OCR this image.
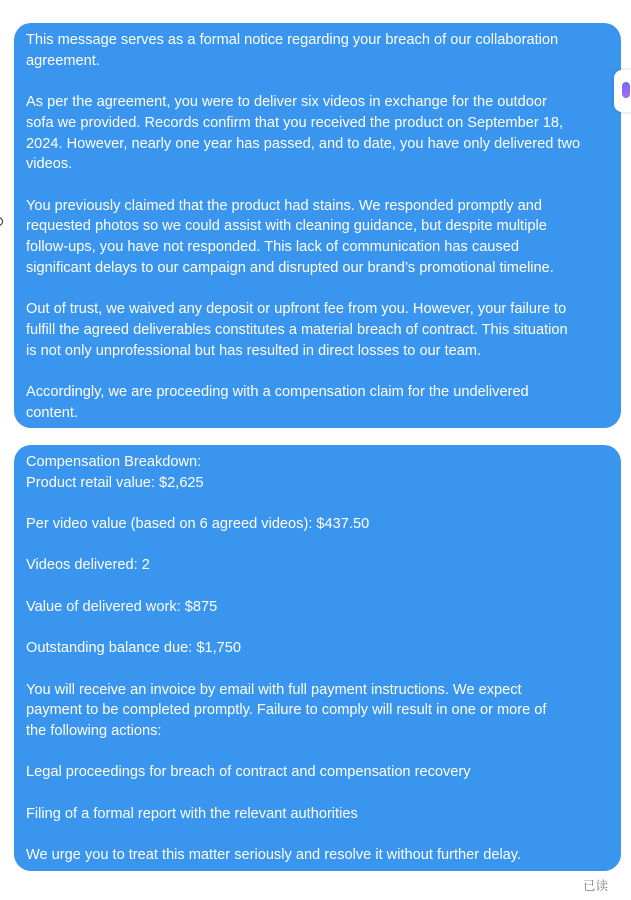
This message serves as a formal notice regarding your breach of our collaboration
agreement.
As per the agreement, you were to deliver six videos in exchange for the outdoor
sofa we provided. Records confirm that you received the product on September 18,
2024. However, nearly one year has passed, and to date, you have only delivered two
videos.
You previously claimed that the product had stains. We responded promptly and
requested photos so we could assist with cleaning guidance, but despite multiple
follow-ups, you have not responded. This lack of communication has caused
significant delays to our campaign and disrupted our brand’s promotional timeline.
Out of trust, we waived any deposit or upfront fee from you. However, your failure to
fulfill the agreed deliverables constitutes a material breach of contract. This situation
is not only unprofessional but has resulted in direct losses to our team.
Accordingly, we are proceeding with a compensation claim for the undelivered
content.
Compensation Breakdown:
Product retail value: $2,625
Per video value (based on 6 agreed videos): $437.50
Videos delivered: 2
Value of delivered work: $875
Outstanding balance due: $1,750
You will receive an invoice by email with full payment instructions. We expect
payment to be completed promptly. Failure to comply will result in one or more of
the following actions:
Legal proceedings for breach of contract and compensation recovery
Filing of a formal report with the relevant authorities
We urge you to treat this matter seriously and resolve it without further delay.
已读
